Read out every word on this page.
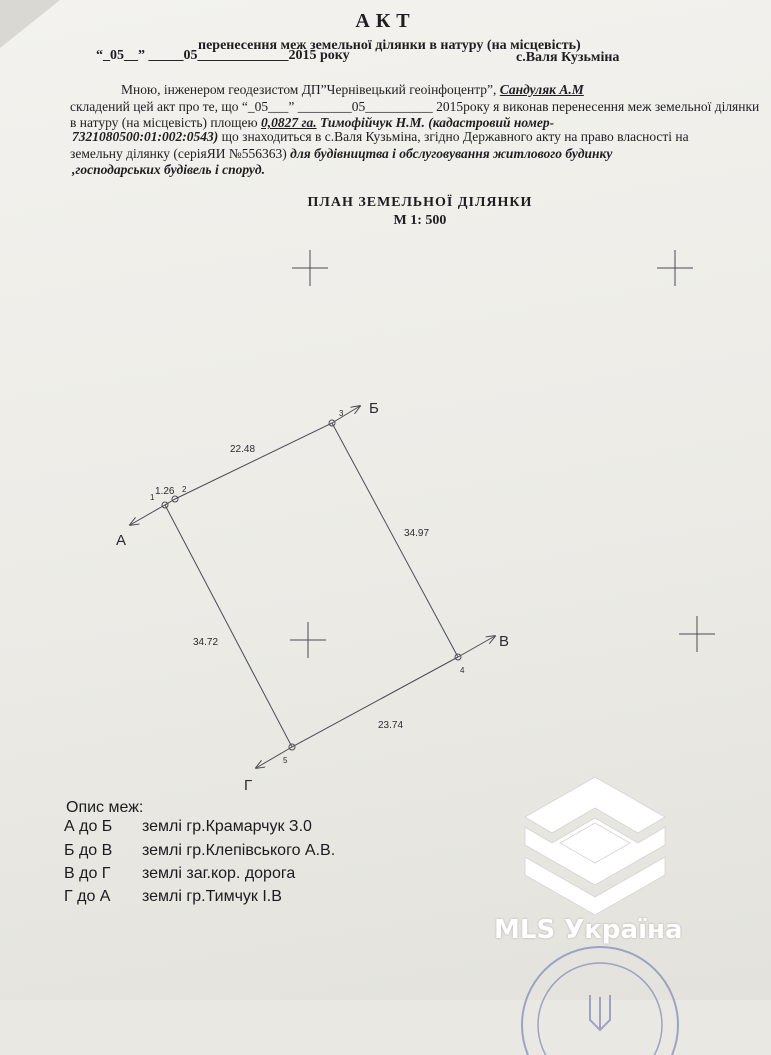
АКТ
перенесення меж земельної ділянки в натуру (на місцевість)
“_05__” _____05_____________2015 року	с.Валя Кузьміна
Мною, інженером геодезистом ДП”Чернівецький геоінфоцентр”, Сандуляк А.М
складений цей акт про те, що “_05___” ________05__________ 2015року я виконав перенесення меж земельної ділянки
в натуру (на місцевість) площею 0,0827 га. Тимофійчук Н.М. (кадастровий номер-
7321080500:01:002:0543) що знаходиться в с.Валя Кузьміна, згідно Державного акту на право власності на
земельну ділянку (серіяЯИ №556363) для будівництва і обслуговування житлового будинку
,господарських будівель і споруд.
ПЛАН ЗЕМЕЛЬНОЇ ДІЛЯНКИ
М 1: 500
22.48
1.26
34.97
34.72
23.74
1
2
3
4
5
А
Б
В
Г
Опис меж:
А до Б землі гр.Крамарчук З.0
Б до В землі гр.Клепівського А.В.
В до Г землі заг.кор. дорога
Г до А землі гр.Тимчук І.В
MLS Україна
